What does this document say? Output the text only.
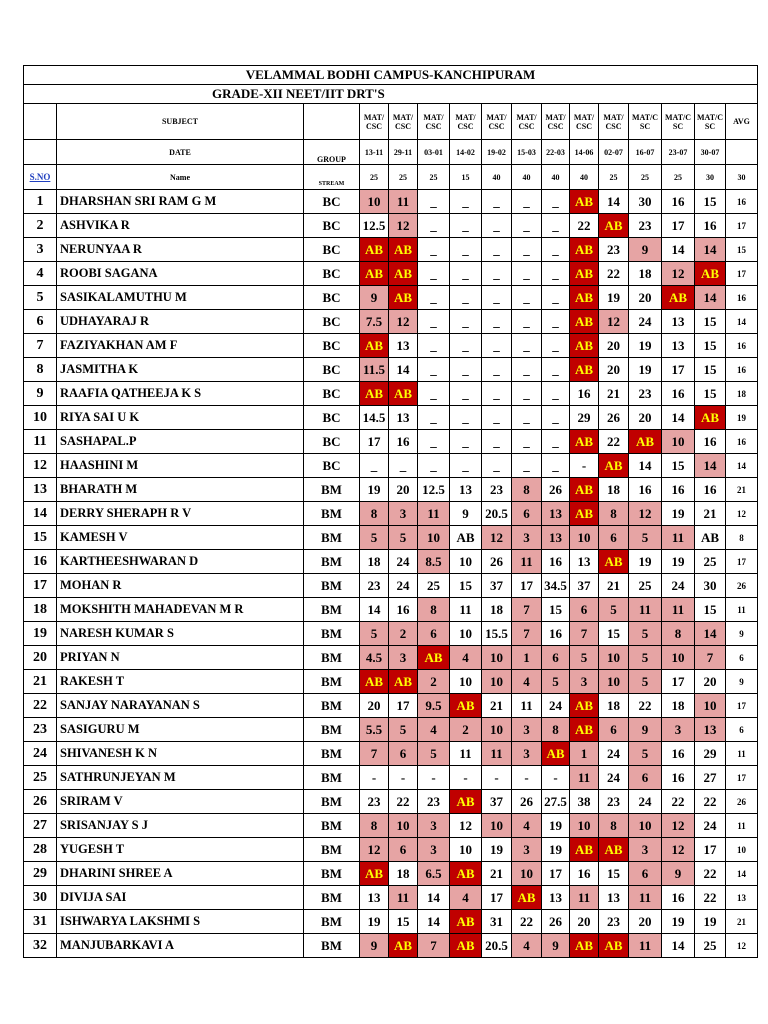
VELAMMAL BODHI CAMPUS-KANCHIPURAM															
GRADE-XII NEET/IIT DRT'S															
	SUBJECT		MAT/ CSC	MAT/ CSC	MAT/ CSC	MAT/ CSC	MAT/ CSC	MAT/ CSC	MAT/ CSC	MAT/ CSC	MAT/ CSC	MAT/C SC	MAT/C SC	MAT/C SC	AVG
	DATE	GROUP	13-11	29-11	03-01	14-02	19-02	15-03	22-03	14-06	02-07	16-07	23-07	30-07	
S.NO	Name	STREAM	25	25	25	15	40	40	40	40	25	25	25	30	30
1	DHARSHAN SRI RAM G M	BC	10	11	_	_	_	_	_	AB	14	30	16	15	16
2	ASHVIKA R	BC	12.5	12	_	_	_	_	_	22	AB	23	17	16	17
3	NERUNYAA R	BC	AB	AB	_	_	_	_	_	AB	23	9	14	14	15
4	ROOBI SAGANA	BC	AB	AB	_	_	_	_	_	AB	22	18	12	AB	17
5	SASIKALAMUTHU M	BC	9	AB	_	_	_	_	_	AB	19	20	AB	14	16
6	UDHAYARAJ R	BC	7.5	12	_	_	_	_	_	AB	12	24	13	15	14
7	FAZIYAKHAN AM F	BC	AB	13	_	_	_	_	_	AB	20	19	13	15	16
8	JASMITHA K	BC	11.5	14	_	_	_	_	_	AB	20	19	17	15	16
9	RAAFIA QATHEEJA K S	BC	AB	AB	_	_	_	_	_	16	21	23	16	15	18
10	RIYA SAI U K	BC	14.5	13	_	_	_	_	_	29	26	20	14	AB	19
11	SASHAPAL.P	BC	17	16	_	_	_	_	_	AB	22	AB	10	16	16
12	HAASHINI M	BC	_	_	_	_	_	_	_	-	AB	14	15	14	14
13	BHARATH M	BM	19	20	12.5	13	23	8	26	AB	18	16	16	16	21
14	DERRY SHERAPH R V	BM	8	3	11	9	20.5	6	13	AB	8	12	19	21	12
15	KAMESH V	BM	5	5	10	AB	12	3	13	10	6	5	11	AB	8
16	KARTHEESHWARAN D	BM	18	24	8.5	10	26	11	16	13	AB	19	19	25	17
17	MOHAN R	BM	23	24	25	15	37	17	34.5	37	21	25	24	30	26
18	MOKSHITH MAHADEVAN M R	BM	14	16	8	11	18	7	15	6	5	11	11	15	11
19	NARESH KUMAR S	BM	5	2	6	10	15.5	7	16	7	15	5	8	14	9
20	PRIYAN N	BM	4.5	3	AB	4	10	1	6	5	10	5	10	7	6
21	RAKESH T	BM	AB	AB	2	10	10	4	5	3	10	5	17	20	9
22	SANJAY NARAYANAN S	BM	20	17	9.5	AB	21	11	24	AB	18	22	18	10	17
23	SASIGURU M	BM	5.5	5	4	2	10	3	8	AB	6	9	3	13	6
24	SHIVANESH K N	BM	7	6	5	11	11	3	AB	1	24	5	16	29	11
25	SATHRUNJEYAN M	BM	-	-	-	-	-	-	-	11	24	6	16	27	17
26	SRIRAM V	BM	23	22	23	AB	37	26	27.5	38	23	24	22	22	26
27	SRISANJAY S J	BM	8	10	3	12	10	4	19	10	8	10	12	24	11
28	YUGESH T	BM	12	6	3	10	19	3	19	AB	AB	3	12	17	10
29	DHARINI SHREE A	BM	AB	18	6.5	AB	21	10	17	16	15	6	9	22	14
30	DIVIJA SAI	BM	13	11	14	4	17	AB	13	11	13	11	16	22	13
31	ISHWARYA LAKSHMI S	BM	19	15	14	AB	31	22	26	20	23	20	19	19	21
32	MANJUBARKAVI A	BM	9	AB	7	AB	20.5	4	9	AB	AB	11	14	25	12
